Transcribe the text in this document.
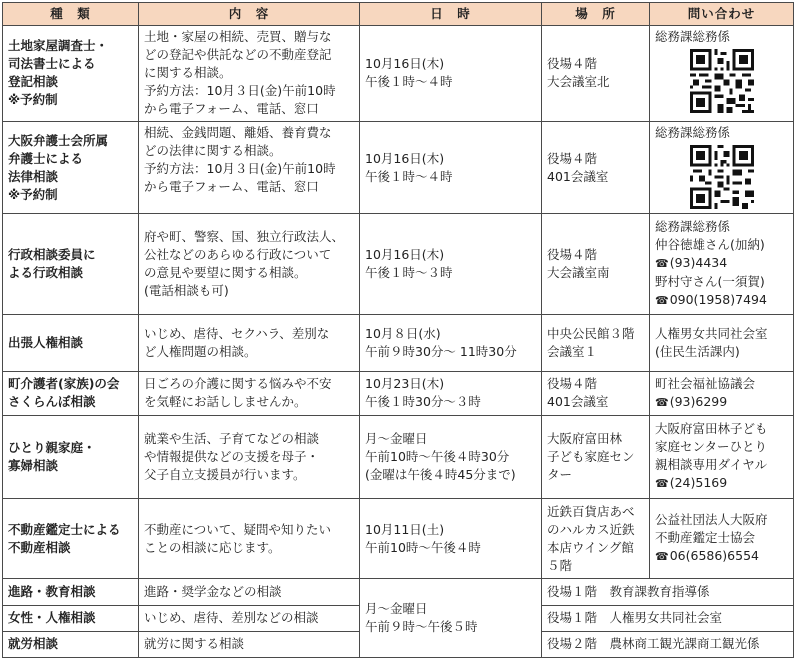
種　類	内　容	日　時	場　所	問い合わせ

土地家屋調査士・
司法書士による
登記相談
※予約制	土地・家屋の相続、売買、贈与な
どの登記や供託などの不動産登記
に関する相談。
予約方法：10月３日(金)午前10時
から電子フォーム、電話、窓口	10月16日(木)
午後１時～４時	役場４階
大会議室北	総務課総務係

大阪弁護士会所属
弁護士による
法律相談
※予約制	相続、金銭問題、離婚、養育費な
どの法律に関する相談。
予約方法：10月３日(金)午前10時
から電子フォーム、電話、窓口	10月16日(木)
午後１時～４時	役場４階
401会議室	総務課総務係

行政相談委員に
よる行政相談	府や町、警察、国、独立行政法人、
公社などのあらゆる行政について
の意見や要望に関する相談。
(電話相談も可)	10月16日(木)
午後１時～３時	役場４階
大会議室南	総務課総務係
仲谷徳雄さん(加納)
☎ (93)4434
野村守さん(一須賀)
☎ 090(1958)7494

出張人権相談	いじめ、虐待、セクハラ、差別な
ど人権問題の相談。	10月８日(水)
午前９時30分～ 11時30分	中央公民館３階
会議室１	人権男女共同社会室
(住民生活課内)

町介護者(家族)の会
さくらんぼ相談	日ごろの介護に関する悩みや不安
を気軽にお話ししませんか。	10月23日(木)
午後１時30分～３時	役場４階
401会議室	町社会福祉協議会
☎ (93)6299

ひとり親家庭・
寡婦相談	就業や生活、子育てなどの相談
や情報提供などの支援を母子・
父子自立支援員が行います。	月～金曜日
午前10時～午後４時30分
(金曜は午後４時45分まで)	大阪府富田林
子ども家庭セン
ター	大阪府富田林子ども
家庭センターひとり
親相談専用ダイヤル
☎ (24)5169

不動産鑑定士による
不動産相談	不動産について、疑問や知りたい
ことの相談に応じます。	10月11日(土)
午前10時～午後４時	近鉄百貨店あべ
のハルカス近鉄
本店ウイング館
５階	公益社団法人大阪府
不動産鑑定士協会
☎ 06(6586)6554

進路・教育相談	進路・奨学金などの相談	月～金曜日
午前９時～午後５時	役場１階　教育課教育指導係	
女性・人権相談	いじめ、虐待、差別などの相談		役場１階　人権男女共同社会室	
就労相談	就労に関する相談		役場２階　農林商工観光課商工観光係	
